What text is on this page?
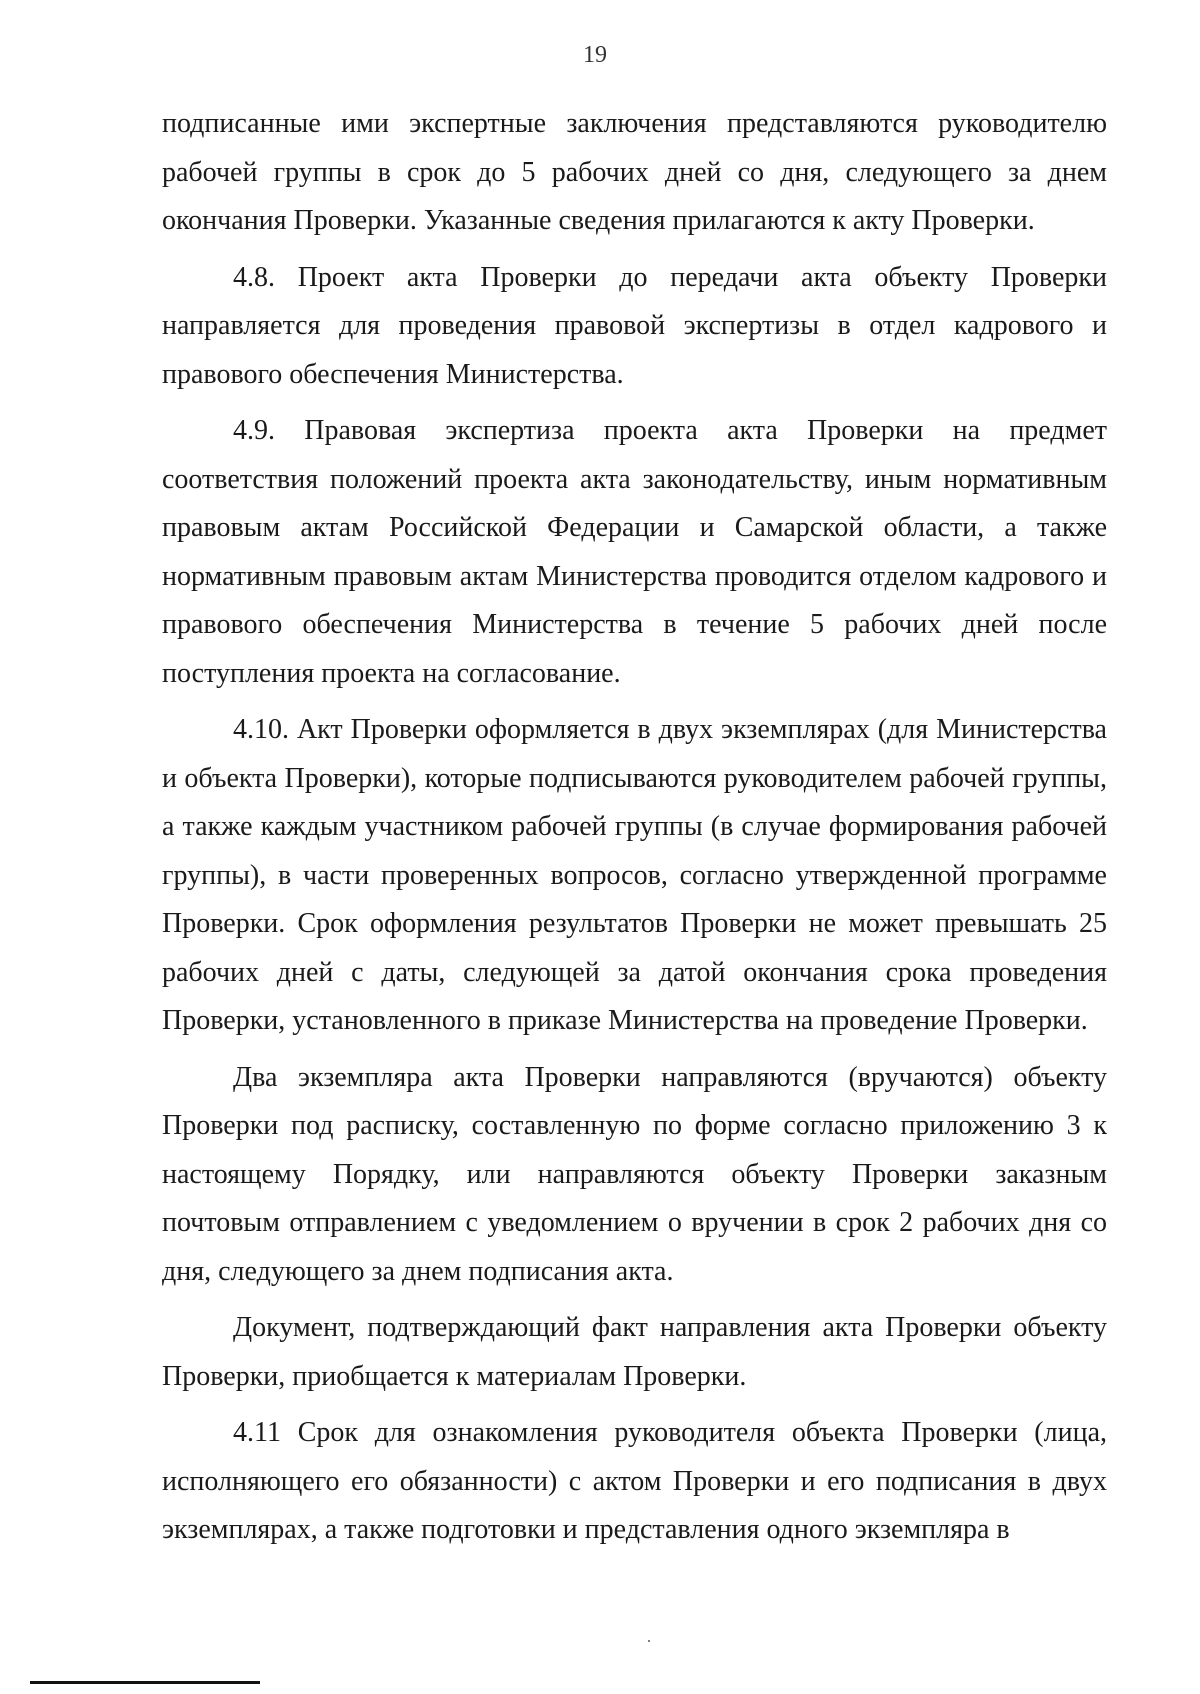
19

подписанные ими экспертные заключения представляются руководителю рабочей группы в срок до 5 рабочих дней со дня, следующего за днем окончания Проверки. Указанные сведения прилагаются к акту Проверки.

4.8. Проект акта Проверки до передачи акта объекту Проверки направляется для проведения правовой экспертизы в отдел кадрового и правового обеспечения Министерства.

4.9. Правовая экспертиза проекта акта Проверки на предмет соответствия положений проекта акта законодательству, иным нормативным правовым актам Российской Федерации и Самарской области, а также нормативным правовым актам Министерства проводится отделом кадрового и правового обеспечения Министерства в течение 5 рабочих дней после поступления проекта на согласование.

4.10. Акт Проверки оформляется в двух экземплярах (для Министерства и объекта Проверки), которые подписываются руководителем рабочей группы, а также каждым участником рабочей группы (в случае формирования рабочей группы), в части проверенных вопросов, согласно утвержденной программе Проверки. Срок оформления результатов Проверки не может превышать 25 рабочих дней с даты, следующей за датой окончания срока проведения Проверки, установленного в приказе Министерства на проведение Проверки.

Два экземпляра акта Проверки направляются (вручаются) объекту Проверки под расписку, составленную по форме согласно приложению 3 к настоящему Порядку, или направляются объекту Проверки заказным почтовым отправлением с уведомлением о вручении в срок 2 рабочих дня со дня, следующего за днем подписания акта.

Документ, подтверждающий факт направления акта Проверки объекту Проверки, приобщается к материалам Проверки.

4.11 Срок для ознакомления руководителя объекта Проверки (лица, исполняющего его обязанности) с актом Проверки и его подписания в двух экземплярах, а также подготовки и представления одного экземпляра в
